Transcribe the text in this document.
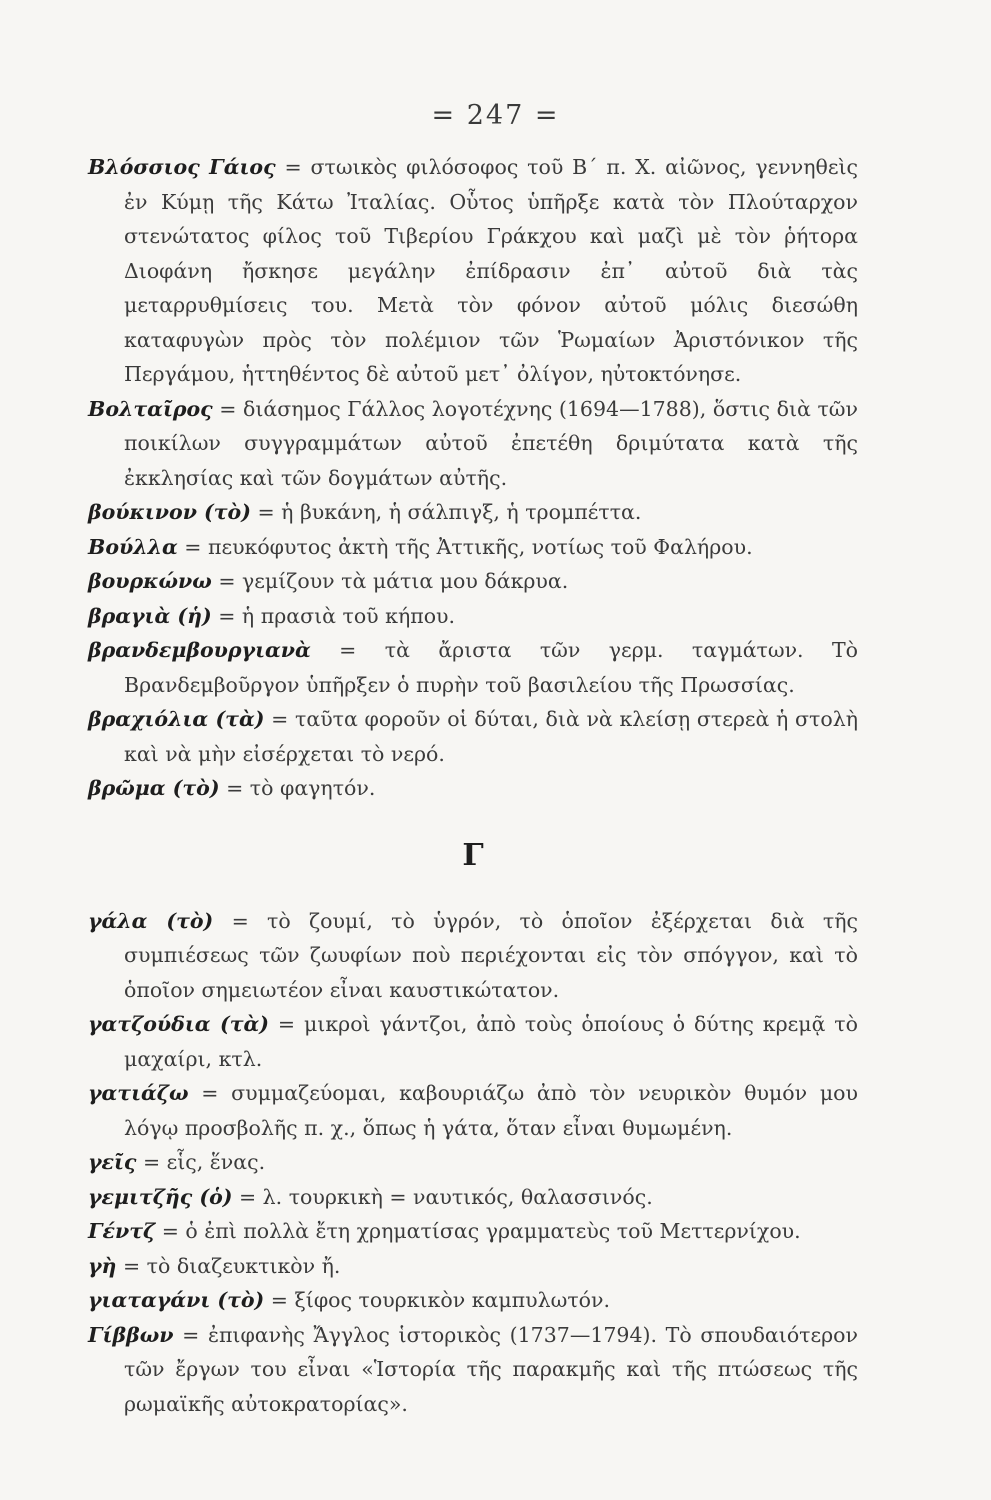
= 247 =

Βλόσσιος Γάιος = στωικὸς φιλόσοφος τοῦ Β΄ π. Χ. αἰῶνος, γεννηθεὶς ἐν Κύμῃ τῆς Κάτω Ἰταλίας. Οὗτος ὑπῆρξε κατὰ τὸν Πλούταρχον στενώτατος φίλος τοῦ Τιβερίου Γράκχου καὶ μαζὶ μὲ τὸν ῥήτορα Διοφάνη ἤσκησε μεγάλην ἐπίδρασιν ἐπ᾿ αὐτοῦ διὰ τὰς μεταρρυθμίσεις του. Μετὰ τὸν φόνον αὐτοῦ μόλις διεσώθη καταφυγὼν πρὸς τὸν πολέμιον τῶν Ῥωμαίων Ἀριστόνικον τῆς Περγάμου, ἡττηθέντος δὲ αὐτοῦ μετ᾿ ὀλίγον, ηὐτοκτόνησε.

Βολταῖρος = διάσημος Γάλλος λογοτέχνης (1694—1788), ὅστις διὰ τῶν ποικίλων συγγραμμάτων αὐτοῦ ἐπετέθη δριμύτατα κατὰ τῆς ἐκκλησίας καὶ τῶν δογμάτων αὐτῆς.

βούκινον (τὸ) = ἡ βυκάνη, ἡ σάλπιγξ, ἡ τρομπέττα.

Βούλλα = πευκόφυτος ἀκτὴ τῆς Ἀττικῆς, νοτίως τοῦ Φαλήρου.

βουρκώνω = γεμίζουν τὰ μάτια μου δάκρυα.

βραγιὰ (ἡ) = ἡ πρασιὰ τοῦ κήπου.

βρανδεμβουργιανὰ = τὰ ἄριστα τῶν γερμ. ταγμάτων. Τὸ Βρανδεμβοῦργον ὑπῆρξεν ὁ πυρὴν τοῦ βασιλείου τῆς Πρωσσίας.

βραχιόλια (τὰ) = ταῦτα φοροῦν οἱ δύται, διὰ νὰ κλείσῃ στερεὰ ἡ στολὴ καὶ νὰ μὴν εἰσέρχεται τὸ νερό.

βρῶμα (τὸ) = τὸ φαγητόν.

Γ

γάλα (τὸ) = τὸ ζουμί, τὸ ὑγρόν, τὸ ὁποῖον ἐξέρχεται διὰ τῆς συμπιέσεως τῶν ζωυφίων ποὺ περιέχονται εἰς τὸν σπόγγον, καὶ τὸ ὁποῖον σημειωτέον εἶναι καυστικώτατον.

γατζούδια (τὰ) = μικροὶ γάντζοι, ἀπὸ τοὺς ὁποίους ὁ δύτης κρεμᾷ τὸ μαχαίρι, κτλ.

γατιάζω = συμμαζεύομαι, καβουριάζω ἀπὸ τὸν νευρικὸν θυμόν μου λόγῳ προσβολῆς π. χ., ὅπως ἡ γάτα, ὅταν εἶναι θυμωμένη.

γεῖς = εἷς, ἕνας.

γεμιτζῆς (ὁ) = λ. τουρκικὴ = ναυτικός, θαλασσινός.

Γέντζ = ὁ ἐπὶ πολλὰ ἔτη χρηματίσας γραμματεὺς τοῦ Μεττερνίχου.

γὴ = τὸ διαζευκτικὸν ἤ.

γιαταγάνι (τὸ) = ξίφος τουρκικὸν καμπυλωτόν.

Γίββων = ἐπιφανὴς Ἄγγλος ἱστορικὸς (1737—1794). Τὸ σπουδαιότερον τῶν ἔργων του εἶναι «Ἱστορία τῆς παρακμῆς καὶ τῆς πτώσεως τῆς ρωμαϊκῆς αὐτοκρατορίας».
